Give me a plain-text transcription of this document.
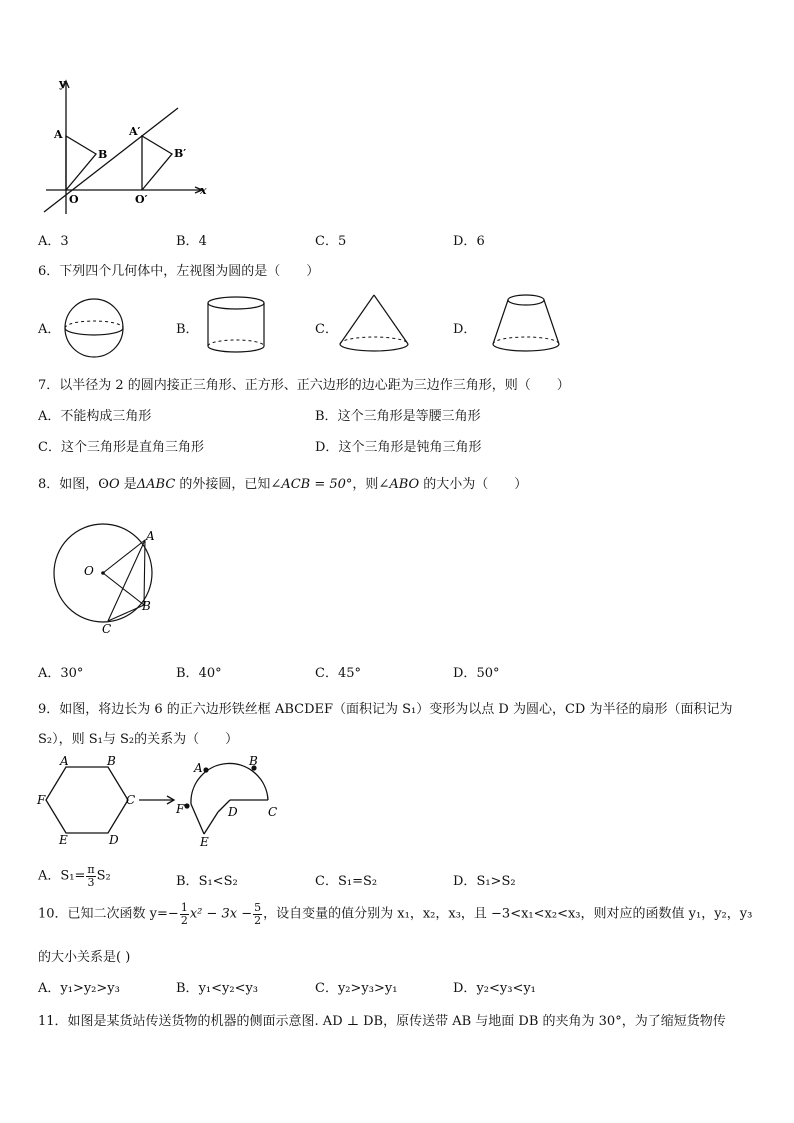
y
x
A
B
O
A′
B′
O′
A．3	B．4	C．5	D．6
6．下列四个几何体中，左视图为圆的是（　　）
A．	B．	C．	D．
7．以半径为 2 的圆内接正三角形、正方形、正六边形的边心距为三边作三角形，则（　　）
A．不能构成三角形	B．这个三角形是等腰三角形
C．这个三角形是直角三角形	D．这个三角形是钝角三角形
8．如图，ʘO 是ΔABC 的外接圆，已知∠ACB = 50°，则∠ABO 的大小为（　　）
O
A
B
C
A．30°	B．40°	C．45°	D．50°
9．如图，将边长为 6 的正六边形铁丝框 ABCDEF（面积记为 S₁）变形为以点 D 为圆心，CD 为半径的扇形（面积记为
S₂），则 S₁与 S₂的关系为（　　）
A	B
C
D
E
F
A	B
C
D
E
F
A．$S_1= \frac{\pi}{3} S_2$	B．S₁<S₂	C．S₁=S₂	D．S₁>S₂
10．已知二次函数 $y=- \frac{1}{2} x^2 - 3x - \frac{5}{2}$ ，设自变量的值分别为 x₁，x₂，x₃，且 −3<x₁<x₂<x₃，则对应的函数值 y₁，y₂，y₃
的大小关系是( )
A．y₁>y₂>y₃	B．y₁<y₂<y₃	C．y₂>y₃>y₁	D．y₂<y₃<y₁
11．如图是某货站传送货物的机器的侧面示意图. AD ⊥ DB，原传送带 AB 与地面 DB 的夹角为 30°，为了缩短货物传
